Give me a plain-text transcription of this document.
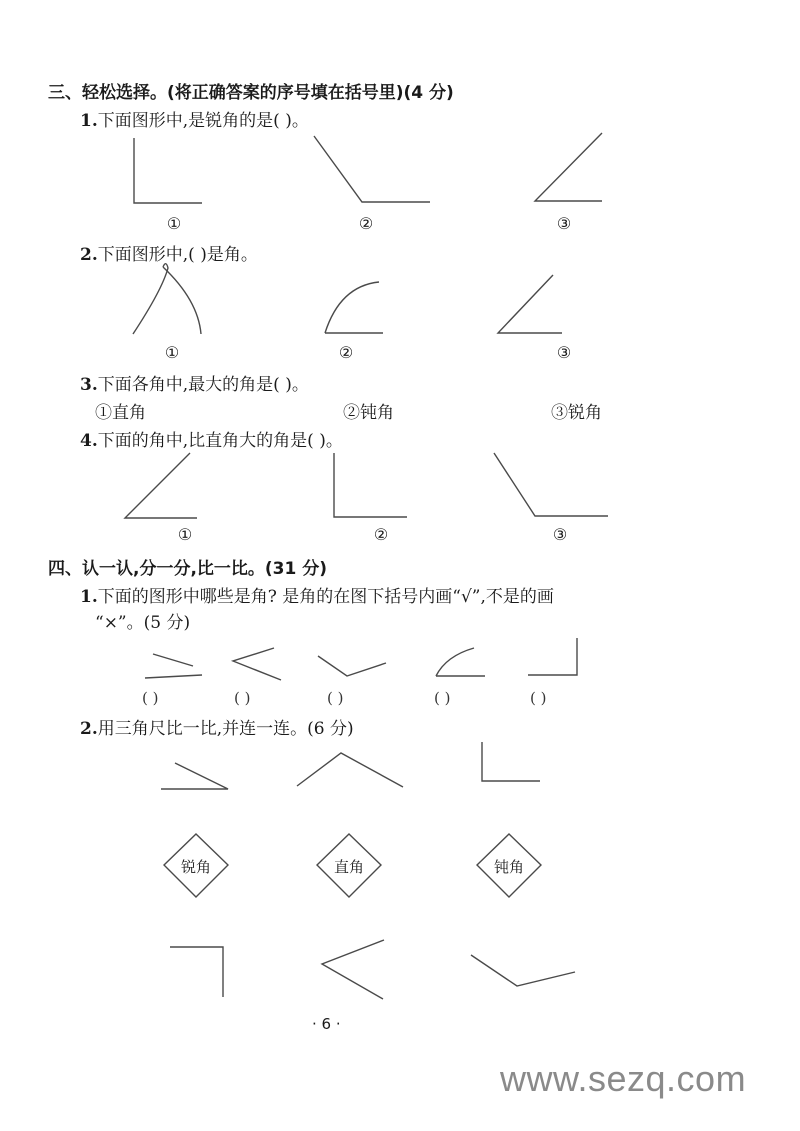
三、轻松选择。(将正确答案的序号填在括号里)(4 分)
1.下面图形中,是锐角的是( )。
①	②	③
2.下面图形中,( )是角。
①	②	③
3.下面各角中,最大的角是( )。
①直角	②钝角	③锐角
4.下面的角中,比直角大的角是( )。
①	②	③
四、认一认,分一分,比一比。(31 分)
1.下面的图形中哪些是角? 是角的在图下括号内画“√”,不是的画
“×”。(5 分)
( )	( )	( )	( )	( )
2.用三角尺比一比,并连一连。(6 分)
锐角	直角	钝角
· 6 ·
www.sezq.com
